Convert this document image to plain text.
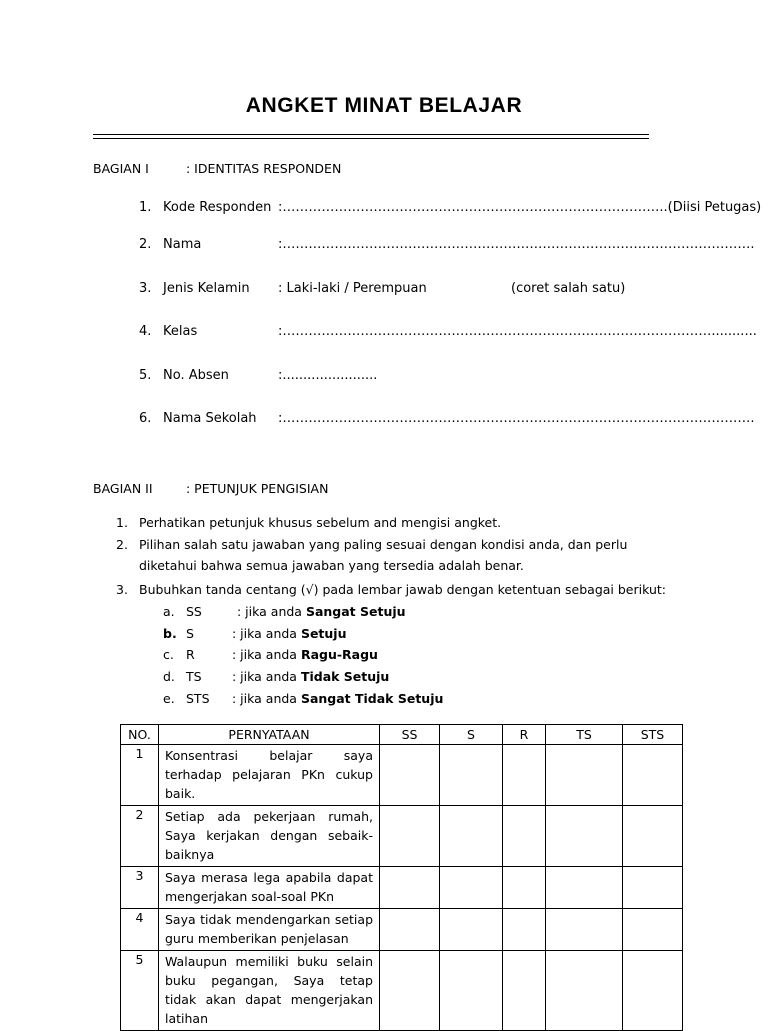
ANGKET MINAT BELAJAR
BAGIAN I	: IDENTITAS RESPONDEN
1. Kode Responden :……………………………………………………………………………..(Diisi Petugas)
2. Nama	:……………………………………………………………………………………………….
3. Jenis Kelamin : Laki-laki / Perempuan	(coret salah satu)
4. Kelas	:………………………………………………………………………………………...........
5. No. Absen	:.......................
6. Nama Sekolah :……………………………………………………………………………………………….
BAGIAN II	: PETUNJUK PENGISIAN
1. Perhatikan petunjuk khusus sebelum and mengisi angket.
2. Pilihan salah satu jawaban yang paling sesuai dengan kondisi anda, dan perlu
diketahui bahwa semua jawaban yang tersedia adalah benar.
3. Bubuhkan tanda centang (√) pada lembar jawab dengan ketentuan sebagai berikut:
a. SS	: jika anda Sangat Setuju
b. S	: jika anda Setuju
c. R	: jika anda Ragu-Ragu
d. TS : jika anda Tidak Setuju
e. STS : jika anda Sangat Tidak Setuju
NO.	PERNYATAAN	SS	S	R	TS	STS
1	Konsentrasi belajar saya terhadap pelajaran PKn cukup baik.					
2	Setiap ada pekerjaan rumah, Saya kerjakan dengan sebaik-baiknya					
3	Saya merasa lega apabila dapat mengerjakan soal-soal PKn					
4	Saya tidak mendengarkan setiap guru memberikan penjelasan					
5	Walaupun memiliki buku selain buku pegangan, Saya tetap tidak akan dapat mengerjakan latihan					
